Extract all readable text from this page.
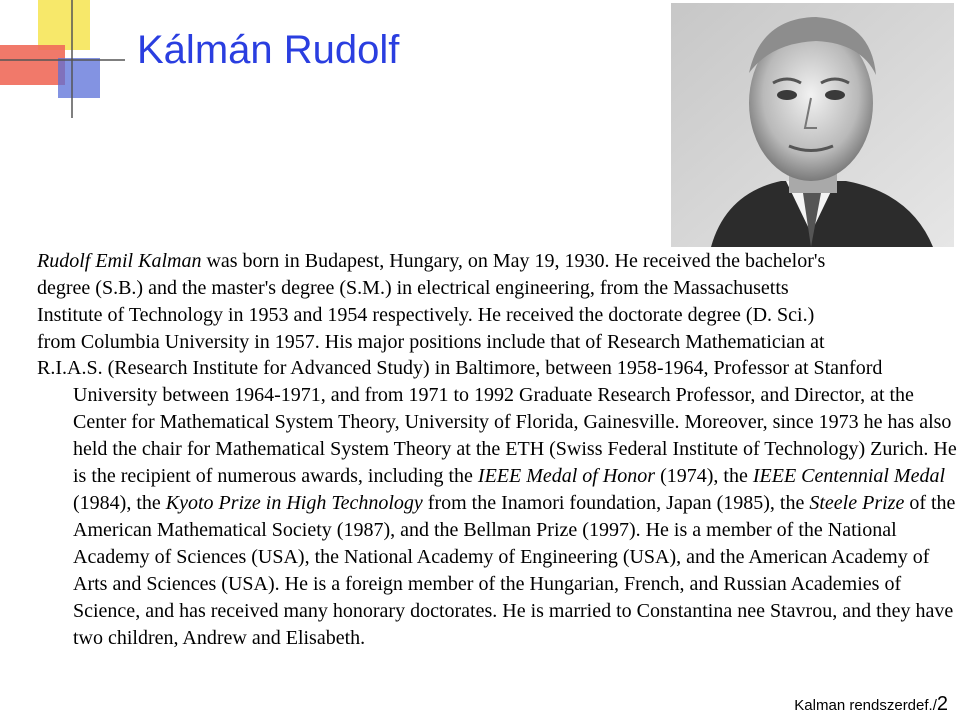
Kálmán Rudolf
Rudolf Emil Kalman was born in Budapest, Hungary, on May 19, 1930. He received the bachelor's
degree (S.B.) and the master's degree (S.M.) in electrical engineering, from the Massachusetts
Institute of Technology in 1953 and 1954 respectively. He received the doctorate degree (D. Sci.)
from Columbia University in 1957. His major positions include that of Research Mathematician at

R.I.A.S. (Research Institute for Advanced Study) in Baltimore, between 1958-1964, Professor at Stanford University between 1964-1971, and from 1971 to 1992 Graduate Research Professor, and Director, at the Center for Mathematical System Theory, University of Florida, Gainesville. Moreover, since 1973 he has also held the chair for Mathematical System Theory at the ETH (Swiss Federal Institute of Technology) Zurich. He is the recipient of numerous awards, including the IEEE Medal of Honor (1974), the IEEE Centennial Medal (1984), the Kyoto Prize in High Technology from the Inamori foundation, Japan (1985), the Steele Prize of the American Mathematical Society (1987), and the Bellman Prize (1997). He is a member of the National Academy of Sciences (USA), the National Academy of Engineering (USA), and the American Academy of Arts and Sciences (USA). He is a foreign member of the Hungarian, French, and Russian Academies of Science, and has received many honorary doctorates. He is married to Constantina nee Stavrou, and they have two children, Andrew and Elisabeth.

Kalman rendszerdef./2
